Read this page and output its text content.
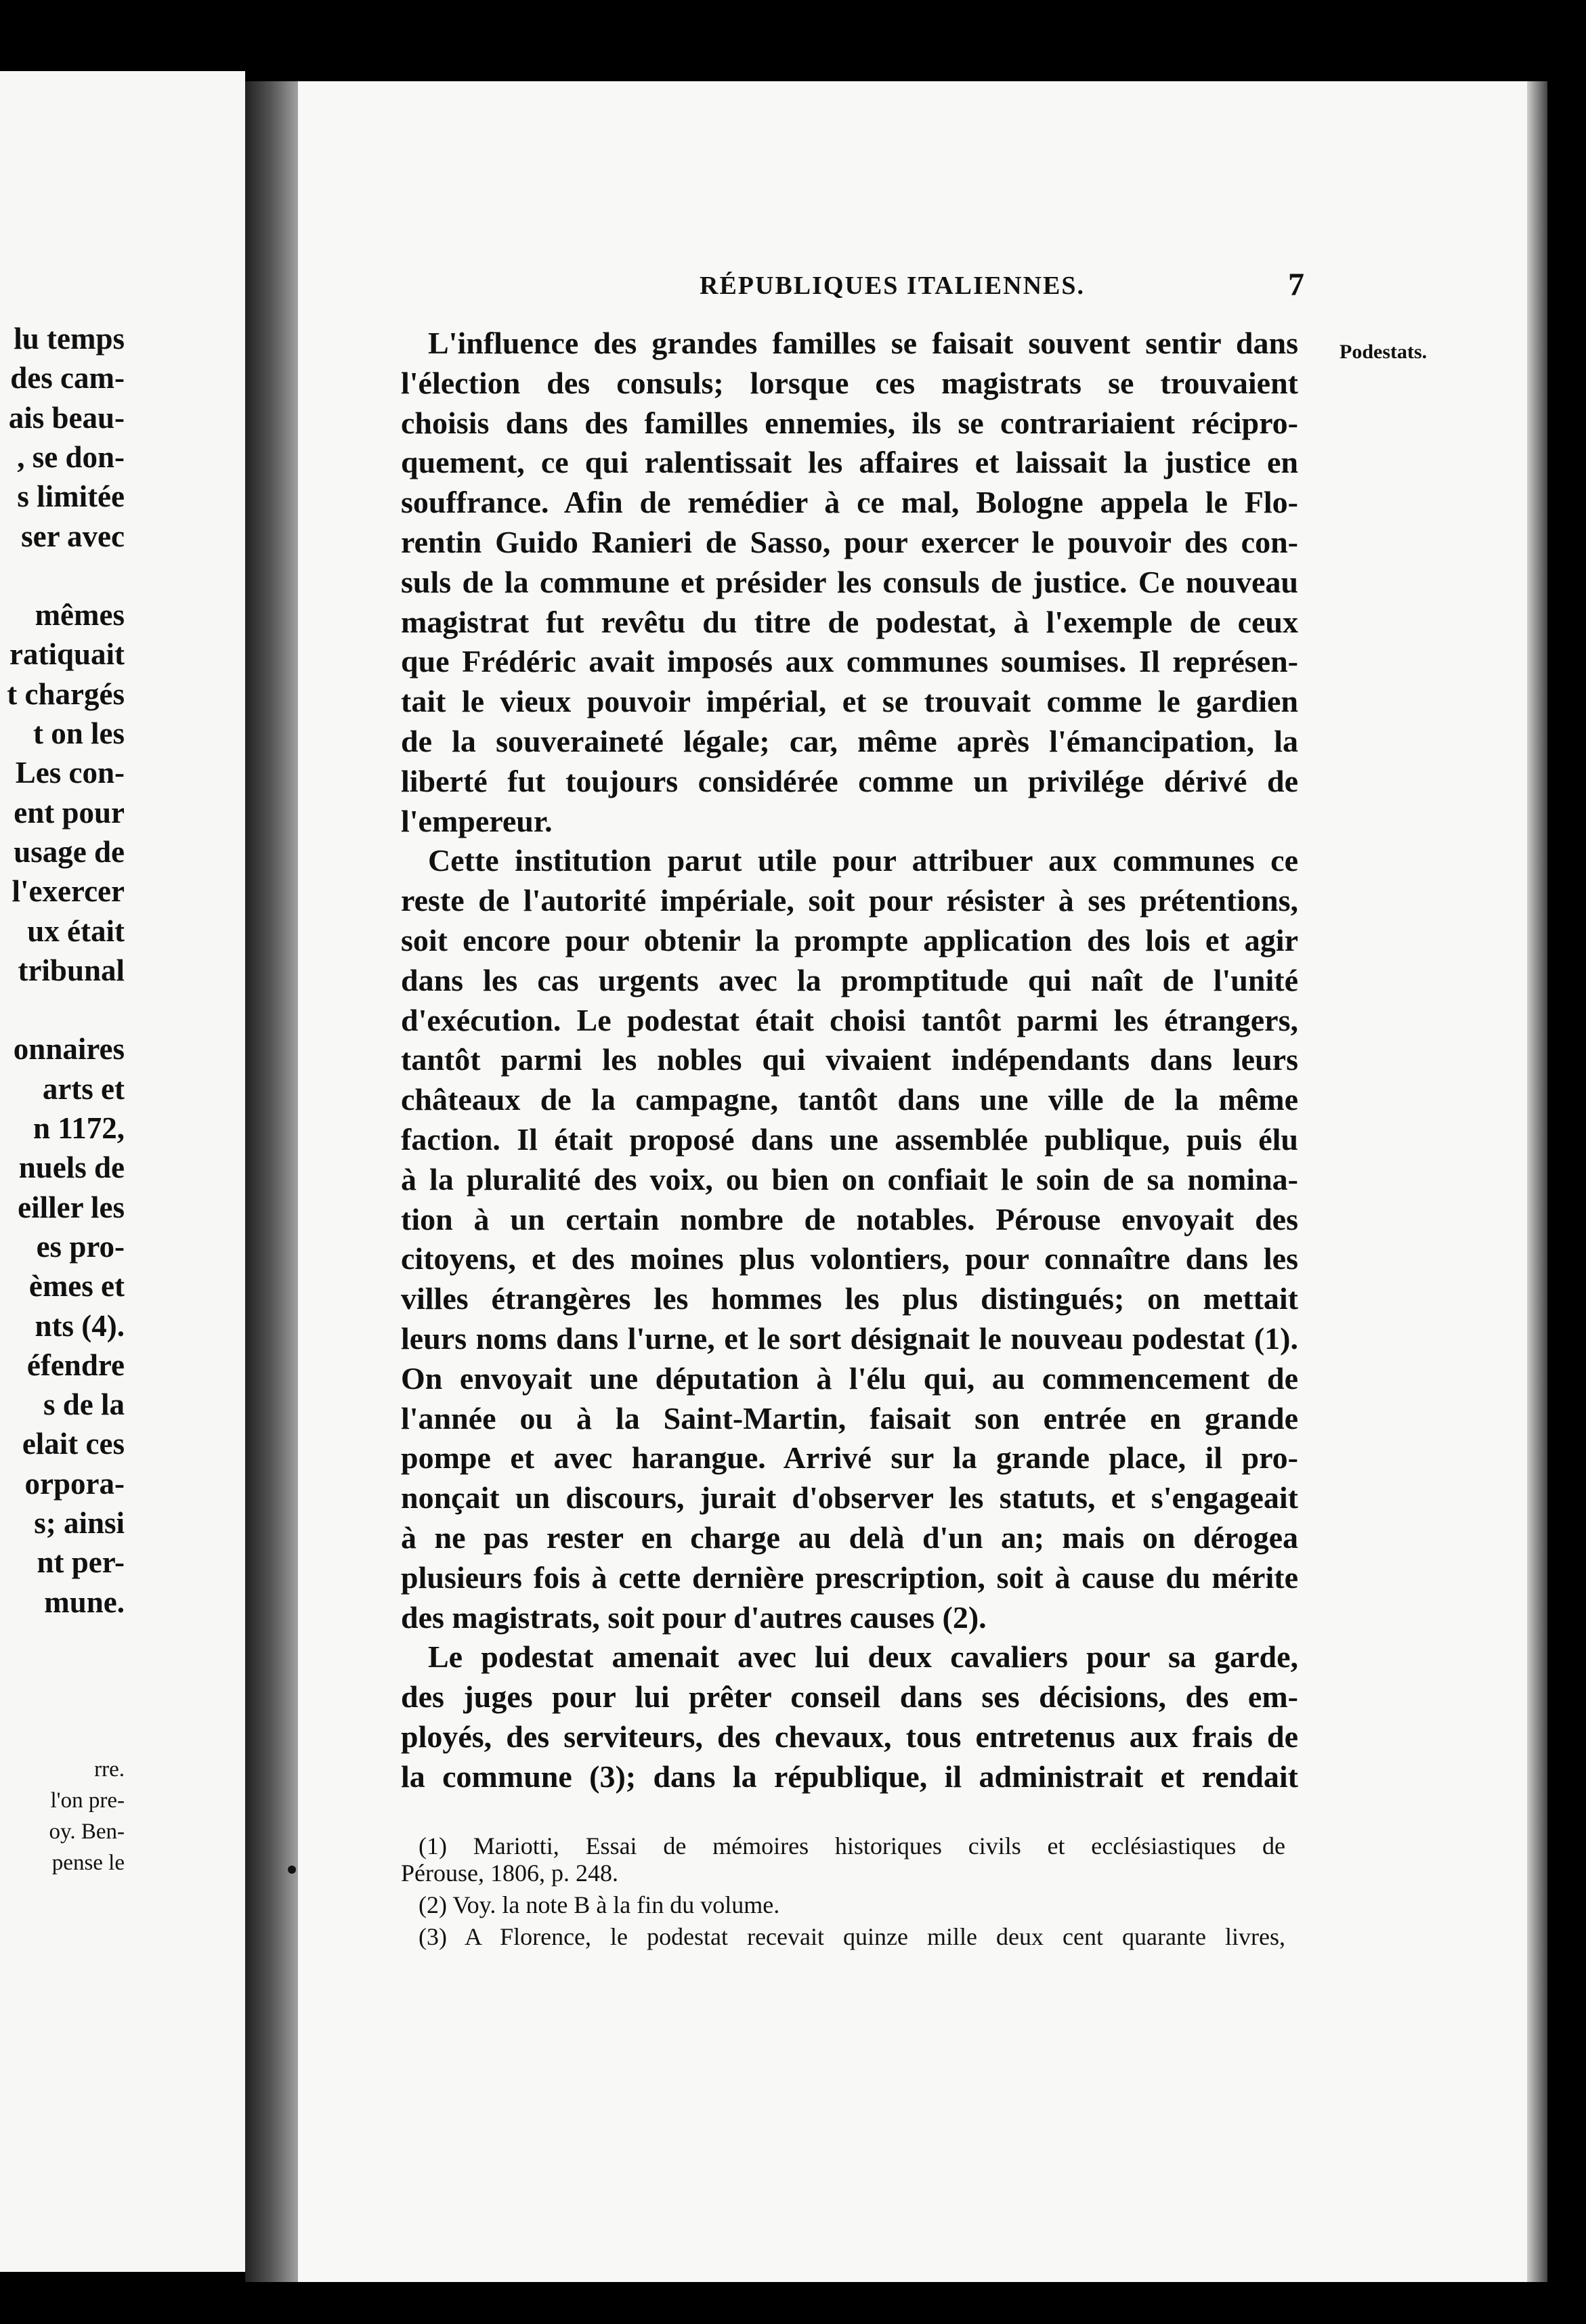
lu temps
des cam-
ais beau-
, se don-
s limitée
ser avec
mêmes
ratiquait
t chargés
t on les
Les con-
ent pour
usage de
l'exercer
ux était
tribunal
onnaires
arts et
n 1172,
nuels de
eiller les
es pro-
èmes et
nts (4).
éfendre
s de la
elait ces
orpora-
s; ainsi
nt per-
mune.
rre.
l'on pre-
oy. Ben-
pense le
RÉPUBLIQUES ITALIENNES.	7
Podestats.
L'influence des grandes familles se faisait souvent sentir dans
l'élection des consuls; lorsque ces magistrats se trouvaient
choisis dans des familles ennemies, ils se contrariaient récipro-
quement, ce qui ralentissait les affaires et laissait la justice en
souffrance. Afin de remédier à ce mal, Bologne appela le Flo-
rentin Guido Ranieri de Sasso, pour exercer le pouvoir des con-
suls de la commune et présider les consuls de justice. Ce nouveau
magistrat fut revêtu du titre de podestat, à l'exemple de ceux
que Frédéric avait imposés aux communes soumises. Il représen-
tait le vieux pouvoir impérial, et se trouvait comme le gardien
de la souveraineté légale; car, même après l'émancipation, la
liberté fut toujours considérée comme un privilége dérivé de
l'empereur.
Cette institution parut utile pour attribuer aux communes ce
reste de l'autorité impériale, soit pour résister à ses prétentions,
soit encore pour obtenir la prompte application des lois et agir
dans les cas urgents avec la promptitude qui naît de l'unité
d'exécution. Le podestat était choisi tantôt parmi les étrangers,
tantôt parmi les nobles qui vivaient indépendants dans leurs
châteaux de la campagne, tantôt dans une ville de la même
faction. Il était proposé dans une assemblée publique, puis élu
à la pluralité des voix, ou bien on confiait le soin de sa nomina-
tion à un certain nombre de notables. Pérouse envoyait des
citoyens, et des moines plus volontiers, pour connaître dans les
villes étrangères les hommes les plus distingués; on mettait
leurs noms dans l'urne, et le sort désignait le nouveau podestat (1).
On envoyait une députation à l'élu qui, au commencement de
l'année ou à la Saint-Martin, faisait son entrée en grande
pompe et avec harangue. Arrivé sur la grande place, il pro-
nonçait un discours, jurait d'observer les statuts, et s'engageait
à ne pas rester en charge au delà d'un an; mais on dérogea
plusieurs fois à cette dernière prescription, soit à cause du mérite
des magistrats, soit pour d'autres causes (2).
Le podestat amenait avec lui deux cavaliers pour sa garde,
des juges pour lui prêter conseil dans ses décisions, des em-
ployés, des serviteurs, des chevaux, tous entretenus aux frais de
la commune (3); dans la république, il administrait et rendait
(1) Mariotti, Essai de mémoires historiques civils et ecclésiastiques de
Pérouse, 1806, p. 248.
(2) Voy. la note B à la fin du volume.
(3) A Florence, le podestat recevait quinze mille deux cent quarante livres,
